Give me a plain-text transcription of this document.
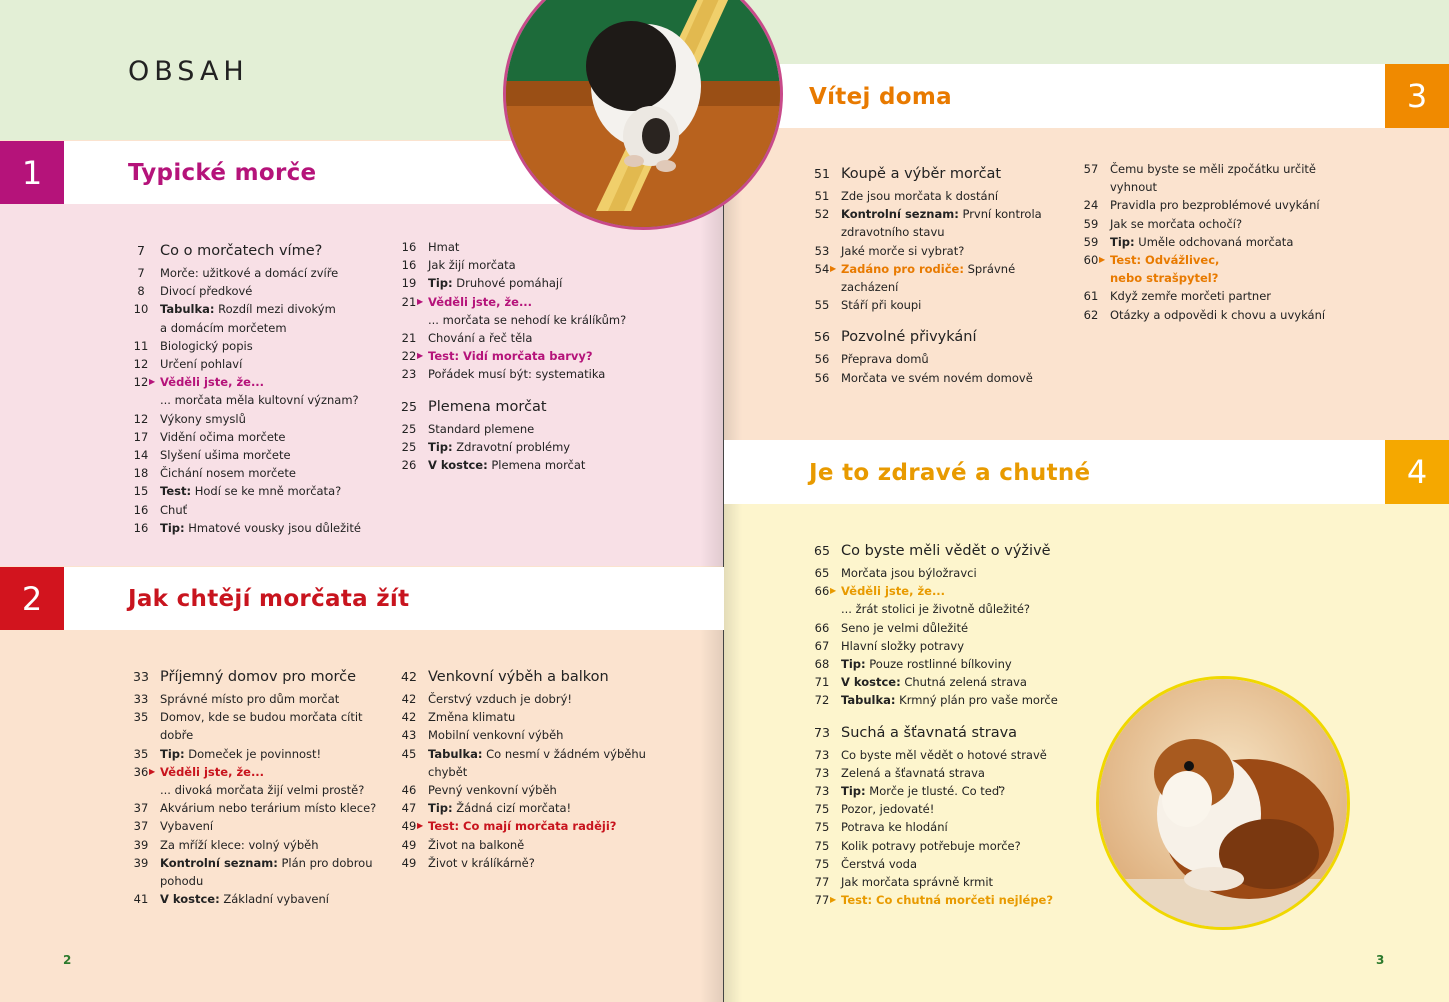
OBSAH
1	Typické morče
2	Jak chtějí morčata žít
Vítej doma	3
Je to zdravé a chutné	4
7	Co o morčatech víme?
7	Morče: užitkové a domácí zvíře
8	Divocí předkové
10	Tabulka: Rozdíl mezi divokým
a domácím morčetem
11	Biologický popis
12	Určení pohlaví
12 ▶ Věděli jste, že...
... morčata měla kultovní význam?
12	Výkony smyslů
17	Vidění očima morčete
14	Slyšení ušima morčete
18	Čichání nosem morčete
15	Test: Hodí se ke mně morčata?
16	Chuť
16	Tip: Hmatové vousky jsou důležité
16	Hmat
16	Jak žijí morčata
19	Tip: Druhové pomáhají
21 ▶ Věděli jste, že...
... morčata se nehodí ke králíkům?
21	Chování a řeč těla
22 ▶ Test: Vidí morčata barvy?
23	Pořádek musí být: systematika
25 Plemena morčat
25	Standard plemene
25	Tip: Zdravotní problémy
26	V kostce: Plemena morčat
33 Příjemný domov pro morče
33	Správné místo pro dům morčat
35	Domov, kde se budou morčata cítit
dobře
35	Tip: Domeček je povinnost!
36 ▶ Věděli jste, že...
... divoká morčata žijí velmi prostě?
37	Akvárium nebo terárium místo klece?
37	Vybavení
39	Za mříží klece: volný výběh
39	Kontrolní seznam: Plán pro dobrou
pohodu
41	V kostce: Základní vybavení
42 Venkovní výběh a balkon
42	Čerstvý vzduch je dobrý!
42	Změna klimatu
43	Mobilní venkovní výběh
45	Tabulka: Co nesmí v žádném výběhu
chybět
46	Pevný venkovní výběh
47	Tip: Žádná cizí morčata!
49 ▶ Test: Co mají morčata raději?
49	Život na balkoně
49	Život v králíkárně?
51 Koupě a výběr morčat
51	Zde jsou morčata k dostání
52	Kontrolní seznam: První kontrola
zdravotního stavu
53	Jaké morče si vybrat?
54 ▶ Zadáno pro rodiče: Správné
zacházení
55	Stáří při koupi
56 Pozvolné přivykání
56	Přeprava domů
56	Morčata ve svém novém domově
57	Čemu byste se měli zpočátku určitě
vyhnout
24	Pravidla pro bezproblémové uvykání
59	Jak se morčata ochočí?
59	Tip: Uměle odchovaná morčata
60 ▶ Test: Odvážlivec,
nebo strašpytel?
61	Když zemře morčeti partner
62	Otázky a odpovědi k chovu a uvykání
65 Co byste měli vědět o výživě
65	Morčata jsou býložravci
66 ▶ Věděli jste, že...
... žrát stolici je životně důležité?
66	Seno je velmi důležité
67	Hlavní složky potravy
68	Tip: Pouze rostlinné bílkoviny
71	V kostce: Chutná zelená strava
72	Tabulka: Krmný plán pro vaše morče
73 Suchá a šťavnatá strava
73	Co byste měl vědět o hotové stravě
73	Zelená a šťavnatá strava
73	Tip: Morče je tlusté. Co teď?
75	Pozor, jedovaté!
75	Potrava ke hlodání
75	Kolik potravy potřebuje morče?
75	Čerstvá voda
77	Jak morčata správně krmit
77 ▶ Test: Co chutná morčeti nejlépe?
2	3
